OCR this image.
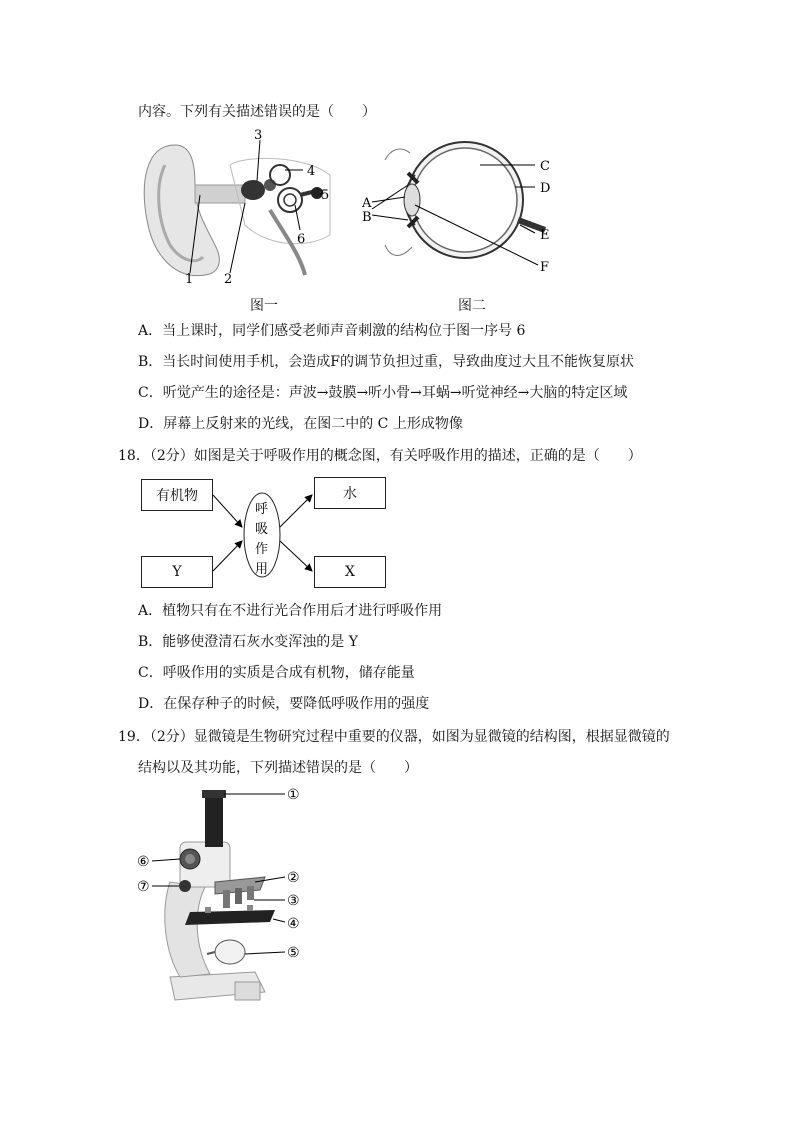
内容。下列有关描述错误的是（　　）
1 2
3
4
5
6
图一
A
B
C
D
E
F
图二
A．当上课时，同学们感受老师声音刺激的结构位于图一序号 6
B．当长时间使用手机，会造成F的调节负担过重，导致曲度过大且不能恢复原状
C．听觉产生的途径是：声波→鼓膜→听小骨→耳蜗→听觉神经→大脑的特定区域
D．屏幕上反射来的光线，在图二中的 C 上形成物像
18．（2分）如图是关于呼吸作用的概念图，有关呼吸作用的描述，正确的是（　　）
有机物
Y
水
X
呼
吸
作
用
A．植物只有在不进行光合作用后才进行呼吸作用
B．能够使澄清石灰水变浑浊的是 Y
C．呼吸作用的实质是合成有机物，储存能量
D．在保存种子的时候，要降低呼吸作用的强度
19．（2分）显微镜是生物研究过程中重要的仪器，如图为显微镜的结构图，根据显微镜的
结构以及其功能，下列描述错误的是（　　）
①
②
③
④
⑤
⑥
⑦
